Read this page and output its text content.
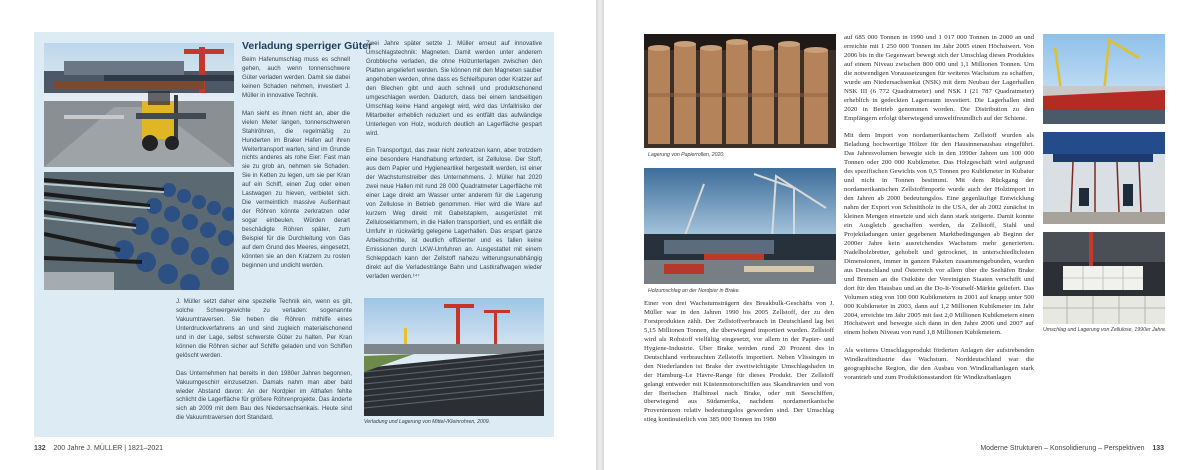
Verladung sperriger Güter

Beim Hafenumschlag muss es schnell gehen, auch wenn tonnenschwere Güter verladen werden. Damit sie dabei keinen Schaden nehmen, investiert J. Müller in innovative Technik.

Man sieht es ihnen nicht an, aber die vielen Meter langen, tonnenschweren Stahlröhren, die regelmäßig zu Hunderten im Braker Hafen auf ihren Weitertransport warten, sind im Grunde nichts anderes als rohe Eier: Fast man sie zu grob an, nehmen sie Schaden. Sie in Ketten zu legen, um sie per Kran auf ein Schiff, einen Zug oder einen Lastwagen zu hieven, verbietet sich. Die vermeintlich massive Außenhaut der Röhren könnte zerkratzen oder sogar einbeulen. Würden derart beschädigte Röhren später, zum Beispiel für die Durchleitung von Gas auf dem Grund des Meeres, eingesetzt, könnten sie an den Kratzern zu rosten beginnen und undicht werden.

Zwei Jahre später setzte J. Müller erneut auf innovative Umschlagstechnik: Magneten. Damit werden unter anderem Grobbleche verladen, die ohne Holzunterlagen zwischen den Platten angeliefert werden. Sie können mit den Magneten sauber angehoben werden, ohne dass es Schleifspuren oder Kratzer auf den Blechen gibt und auch schnell und produktschonend umgeschlagen werden. Dadurch, dass bei einem landseitigen Umschlag keine Hand angelegt wird, wird das Unfallrisiko der Mitarbeiter erheblich reduziert und es entfällt das aufwändige Unterlegen von Holz, wodurch deutlich an Lagerfläche gespart wird.

Ein Transportgut, das zwar nicht zerkratzen kann, aber trotzdem eine besondere Handhabung erfordert, ist Zellulose. Der Stoff, aus dem Papier und Hygieneartikel hergestellt werden, ist einer der Wachstumstreiber des Unternehmens. J. Müller hat 2020 zwei neue Hallen mit rund 28 000 Quadratmeter Lagerfläche mit einer Lage direkt am Wasser unter anderem für die Lagerung von Zellulose in Betrieb genommen. Hier wird die Ware auf kurzem Weg direkt mit Gabelstaplern, ausgerüstet mit Zelluloseklammern, in die Hallen transportiert, und es entfällt die Umfuhr in rückwärtig gelegene Lagerhallen. Das erspart ganze Arbeitsschritte, ist deutlich effizienter und es fallen keine Emissionen durch LKW-Umfuhren an. Ausgestattet mit einem Schleppdach kann der Zellstoff nahezu witterungsunabhängig direkt auf die Verladestränge Bahn und Lastkraftwagen wieder verladen werden.¹⁴⁷

J. Müller setzt daher eine spezielle Technik ein, wenn es gilt, solche Schwergewichte zu verladen: sogenannte Vakuumtraversen. Sie heben die Röhren mithilfe eines Unterdruckverfahrens an und sind zugleich materialschonend und in der Lage, selbst schwerste Güter zu halten. Per Kran können die Röhren sicher auf Schiffe geladen und von Schiffen gelöscht werden.

Das Unternehmen hat bereits in den 1980er Jahren begonnen, Vakuumgeschirr einzusetzen. Damals nahm man aber bald wieder Abstand davon: An der Nordpier im Althafen fehlte schlicht die Lagerfläche für größere Röhrenprojekte. Das änderte sich ab 2009 mit dem Bau des Niedersachsenkais. Heute sind die Vakuumtraversen dort Standard.

Verladung und Lagerung von Mittel-/Kleinrohren, 2009.

132 200 Jahre J. MÜLLER | 1821–2021

Lagerung von Papierrollen, 2020.

Holzumschlag an der Nordpier in Brake.

Umschlag und Lagerung von Zellulose, 1990er Jahre.

Einer von drei Wachstumsträgern des Breakbulk-Geschäfts von J. Müller war in den Jahren 1990 bis 2005 Zellstoff, der zu den Forstprodukten zählt. Der Zellstoffverbrauch in Deutschland lag bei 5,15 Millionen Tonnen, die überwiegend importiert wurden. Zellstoff wird als Rohstoff vielfältig eingesetzt, vor allem in der Papier- und Hygiene-Industrie. Über Brake werden rund 20 Prozent des in Deutschland verbrauchten Zellstoffs importiert. Neben Vlissingen in den Niederlanden ist Brake der zweitwichtigste Umschlagshafen in der Hamburg–Le Havre-Range für dieses Produkt. Der Zellstoff gelangt entweder mit Küstenmotorschiffen aus Skandinavien und von der Iberischen Halbinsel nach Brake, oder mit Seeschiffen, überwiegend aus Südamerika, nachdem nordamerikanische Provenienzen relativ bedeutungslos geworden sind. Der Umschlag stieg kontinuierlich von 385 000 Tonnen im 1980

auf 685 000 Tonnen in 1990 und 1 017 000 Tonnen in 2000 an und erreichte mit 1 250 000 Tonnen im Jahr 2005 einen Höchstwert. Von 2006 bis in die Gegenwart bewegt sich der Umschlag dieses Produktes auf einem Niveau zwischen 800 000 und 1,1 Millionen Tonnen. Um die notwendigen Voraussetzungen für weiteres Wachstum zu schaffen, wurde am Niedersachsenkai (NSK) mit dem Neubau der Lagerhallen NSK III (6 772 Quadratmeter) und NSK I (21 787 Quadratmeter) erheblich in gedeckten Lagerraum investiert. Die Lagerhallen sind 2020 in Betrieb genommen worden. Die Distribution zu den Empfängern erfolgt überwiegend umweltfreundlich auf der Schiene.

Mit dem Import von nordamerikanischem Zellstoff wurden als Beladung hochwertige Hölzer für den Hausinnenausbau eingeführt. Das Jahresvolumen bewegte sich in den 1990er Jahren um 100 000 Tonnen oder 200 000 Kubikmeter. Das Holzgeschäft wird aufgrund des spezifischen Gewichts von 0,5 Tonnen pro Kubikmeter in Kubatur und nicht in Tonnen bestimmt. Mit dem Rückgang der nordamerikanischen Zellstoffimporte wurde auch der Holzimport in den Jahren ab 2000 bedeutungslos. Eine gegenläufige Entwicklung nahm der Export von Schnittholz in die USA, der ab 2002 zunächst in kleinen Mengen einsetzte und sich dann stark steigerte. Damit konnte ein Ausgleich geschaffen werden, da Zellstoff, Stahl und Projektladungen unter gegebenen Marktbedingungen ab Beginn der 2000er Jahre kein ausreichendes Wachstum mehr generierten. Nadelholzbretter, gehobelt und getrocknet, in unterschiedlichsten Dimensionen, immer in ganzen Paketen zusammengebunden, wurden aus Deutschland und Österreich vor allem über die Seehäfen Brake und Bremen an die Ostküste der Vereinigten Staaten verschifft und dort für den Hausbau und an die Do-It-Yourself-Märkte geliefert. Das Volumen stieg von 100 000 Kubikmetern in 2001 auf knapp unter 500 000 Kubikmeter in 2003, dann auf 1,2 Millionen Kubikmeter im Jahr 2004, erreichte im Jahr 2005 mit fast 2,0 Millionen Kubikmetern einen Höchstwert und bewegte sich dann in den Jahre 2006 und 2007 auf einem hohen Niveau von rund 1,8 Millionen Kubikmetern.

Als weiteres Umschlagsprodukt förderten Anlagen der aufstrebenden Windkraftindustrie das Wachstum. Norddeutschland war die geographische Region, die den Ausbau von Windkraftanlagen stark vorantrieb und zum Produktionsstandort für Windkraftanlagen

Moderne Strukturen – Konsolidierung – Perspektiven 133
